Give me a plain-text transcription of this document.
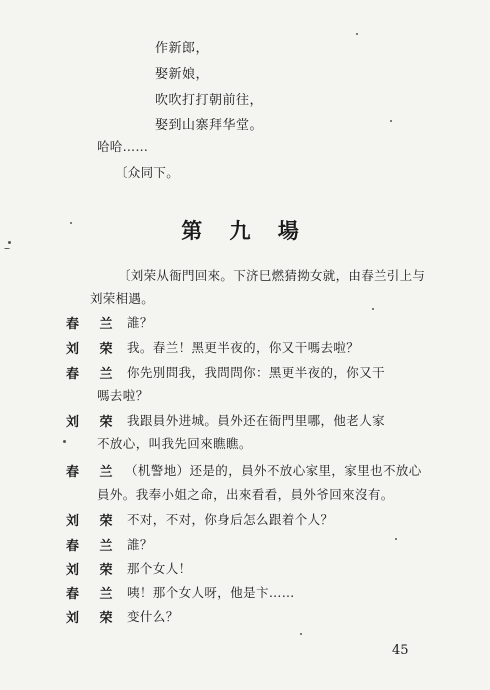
作新郎，
娶新娘，
吹吹打打朝前往，
娶到山寨拜华堂。
哈哈……
〔众同下。
第 九 場
〔刘荣从衙門回來。下济巳燃猜拗女就，由春兰引上与
刘荣相遇。
春 兰 誰？
刘 荣 我。春兰！黑更半夜的，你又干嗎去啦？
春 兰 你先別問我，我問問你：黑更半夜的，你又干
嗎去啦？
刘 荣 我跟員外进城。員外还在衙門里哪，他老人家
不放心，叫我先回來瞧瞧。
春 兰 （机警地）还是的，員外不放心家里，家里也不放心
員外。我奉小姐之命，出來看看，員外爷回來沒有。
刘 荣 不对，不对，你身后怎么跟着个人？
春 兰 誰？
刘 荣 那个女人！
春 兰 咦！那个女人呀，他是卞……
刘 荣 变什么？
45
